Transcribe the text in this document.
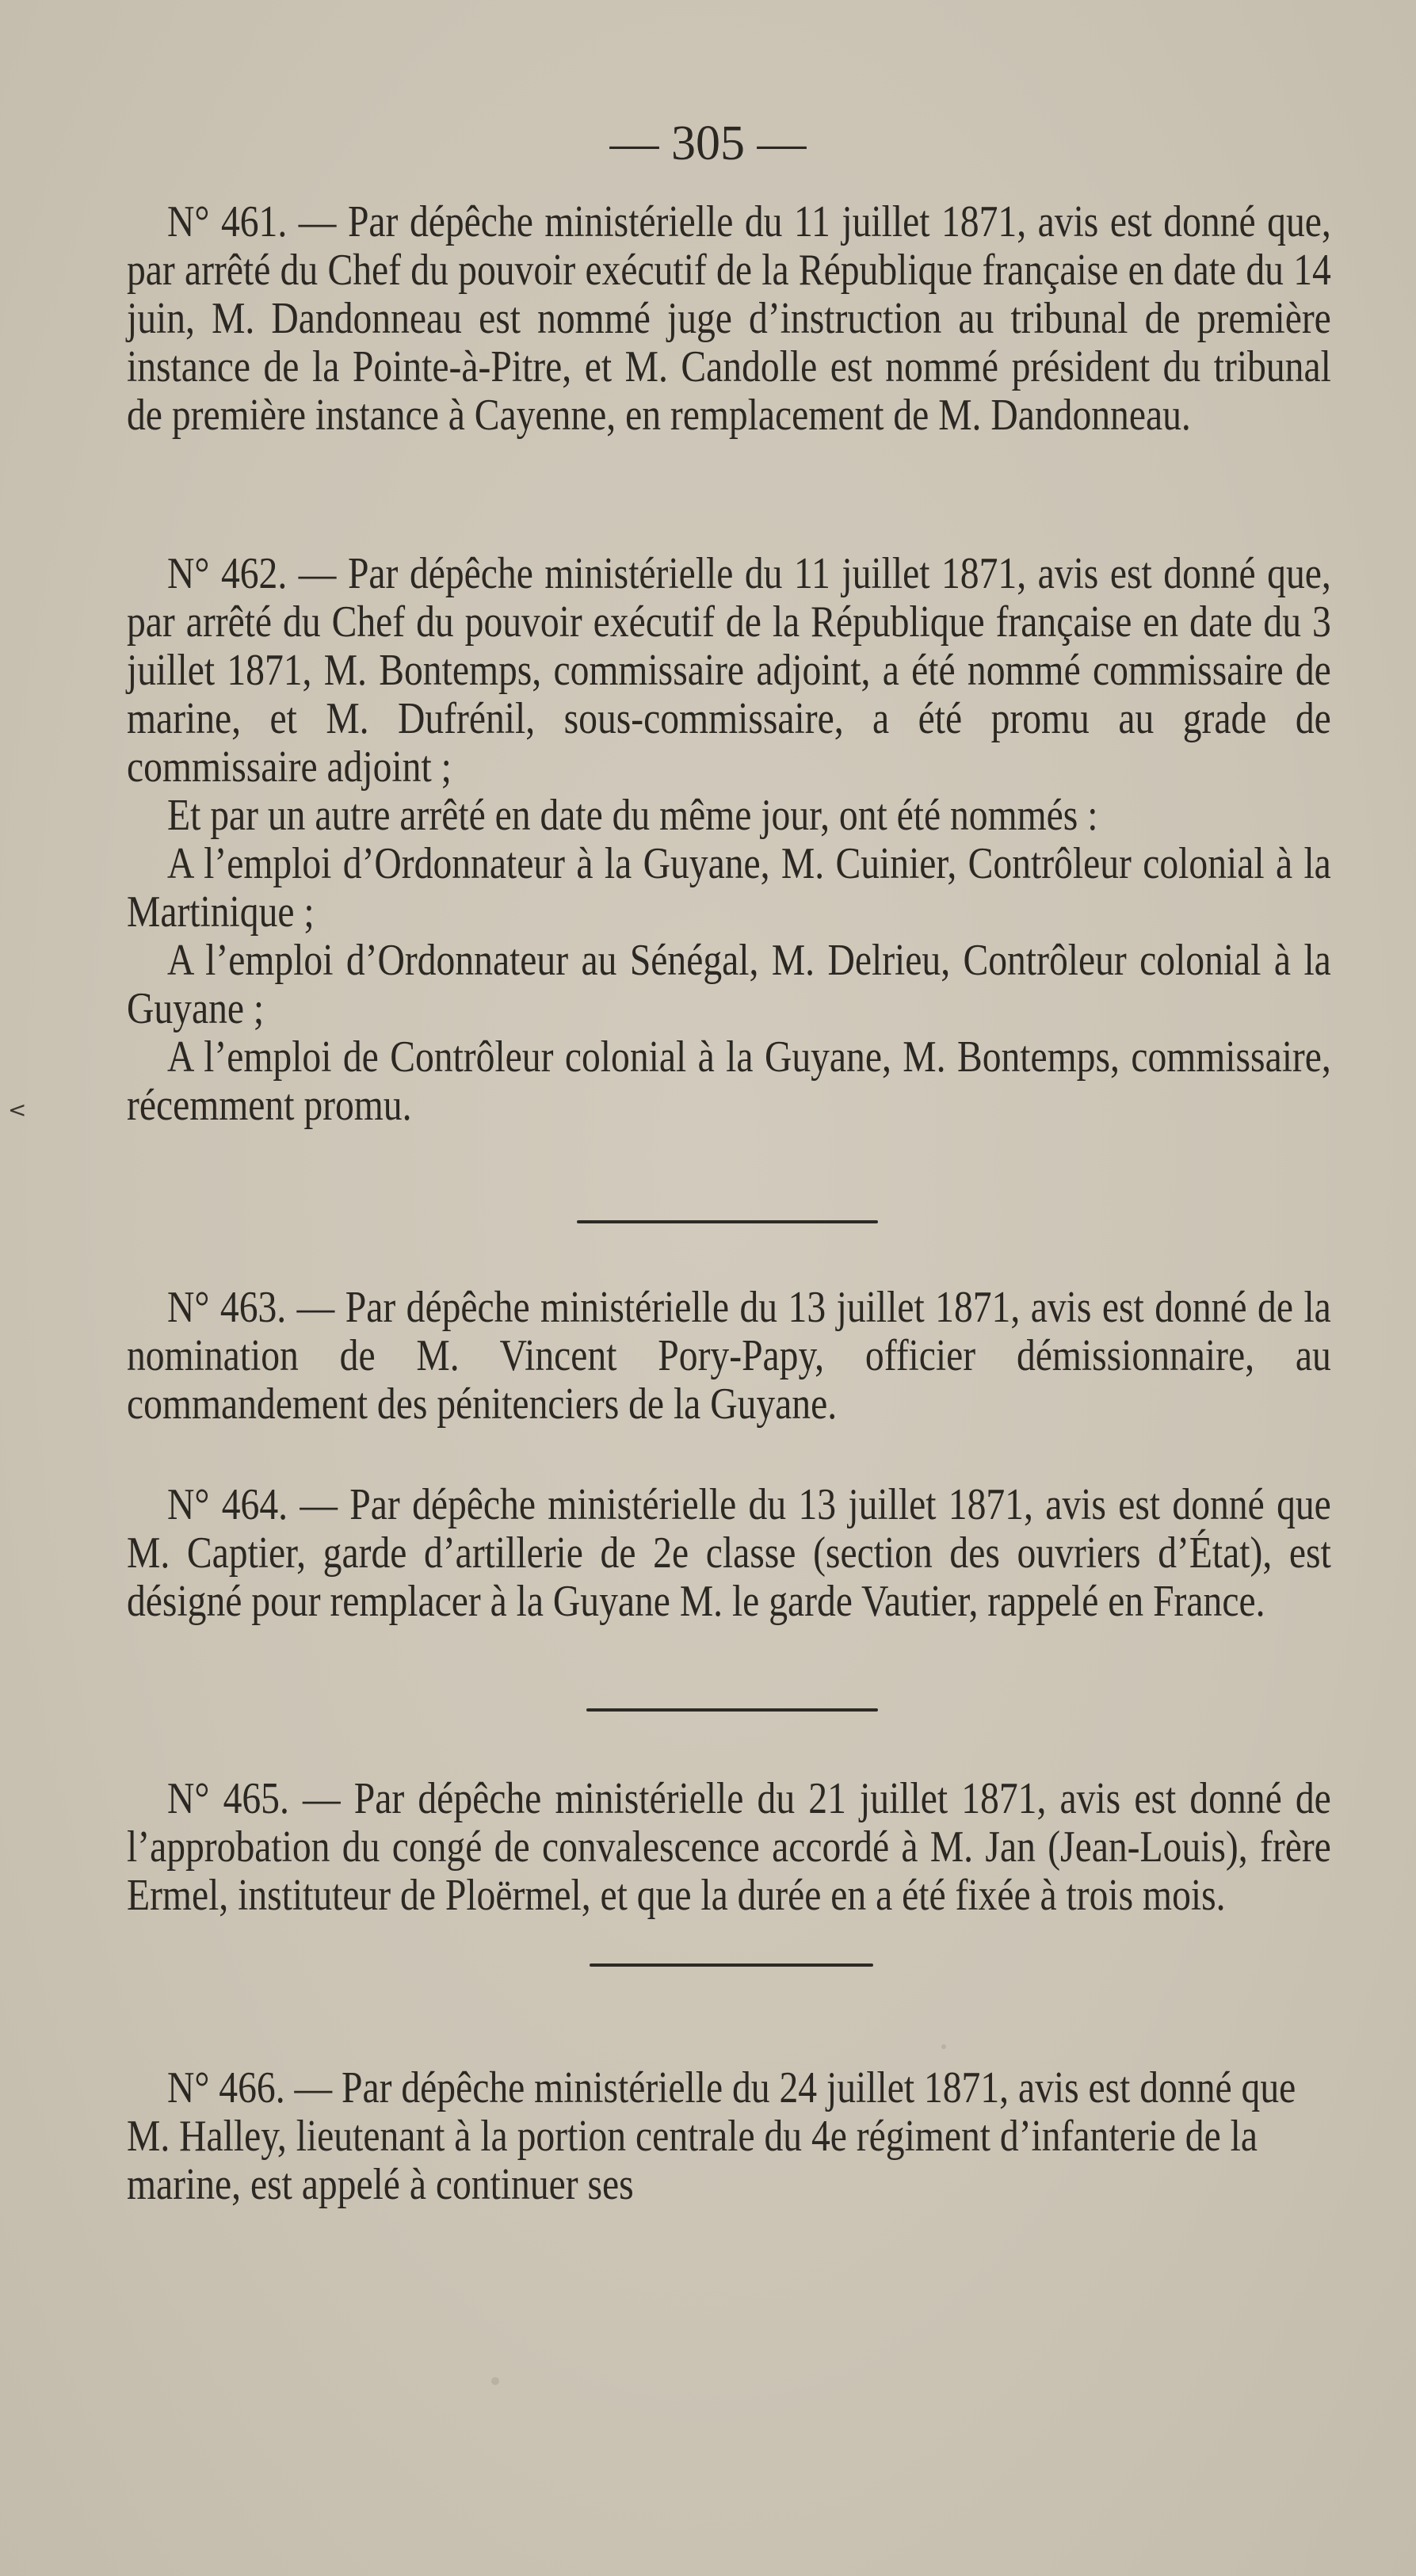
— 305 —

N° 461. — Par dépêche ministérielle du 11 juillet 1871, avis est donné que, par arrêté du Chef du pouvoir exécutif de la République française en date du 14 juin, M. Dandonneau est nommé juge d’instruction au tribunal de première instance de la Pointe-à-Pitre, et M. Candolle est nommé président du tribunal de première instance à Cayenne, en remplacement de M. Dandonneau.

N° 462. — Par dépêche ministérielle du 11 juillet 1871, avis est donné que, par arrêté du Chef du pouvoir exécutif de la République française en date du 3 juillet 1871, M. Bontemps, commissaire adjoint, a été nommé commissaire de marine, et M. Dufrénil, sous-commissaire, a été promu au grade de commissaire adjoint ;

Et par un autre arrêté en date du même jour, ont été nommés :

A l’emploi d’Ordonnateur à la Guyane, M. Cuinier, Contrôleur colonial à la Martinique ;

A l’emploi d’Ordonnateur au Sénégal, M. Delrieu, Contrôleur colonial à la Guyane ;

A l’emploi de Contrôleur colonial à la Guyane, M. Bontemps, commissaire, récemment promu.

N° 463. — Par dépêche ministérielle du 13 juillet 1871, avis est donné de la nomination de M. Vincent Pory-Papy, officier démissionnaire, au commandement des pénitenciers de la Guyane.

N° 464. — Par dépêche ministérielle du 13 juillet 1871, avis est donné que M. Captier, garde d’artillerie de 2e classe (section des ouvriers d’État), est désigné pour remplacer à la Guyane M. le garde Vautier, rappelé en France.

N° 465. — Par dépêche ministérielle du 21 juillet 1871, avis est donné de l’approbation du congé de convalescence accordé à M. Jan (Jean-Louis), frère Ermel, instituteur de Ploërmel, et que la durée en a été fixée à trois mois.

N° 466. — Par dépêche ministérielle du 24 juillet 1871, avis est donné que M. Halley, lieutenant à la portion centrale du 4e régiment d’infanterie de la marine, est appelé à continuer ses

<
